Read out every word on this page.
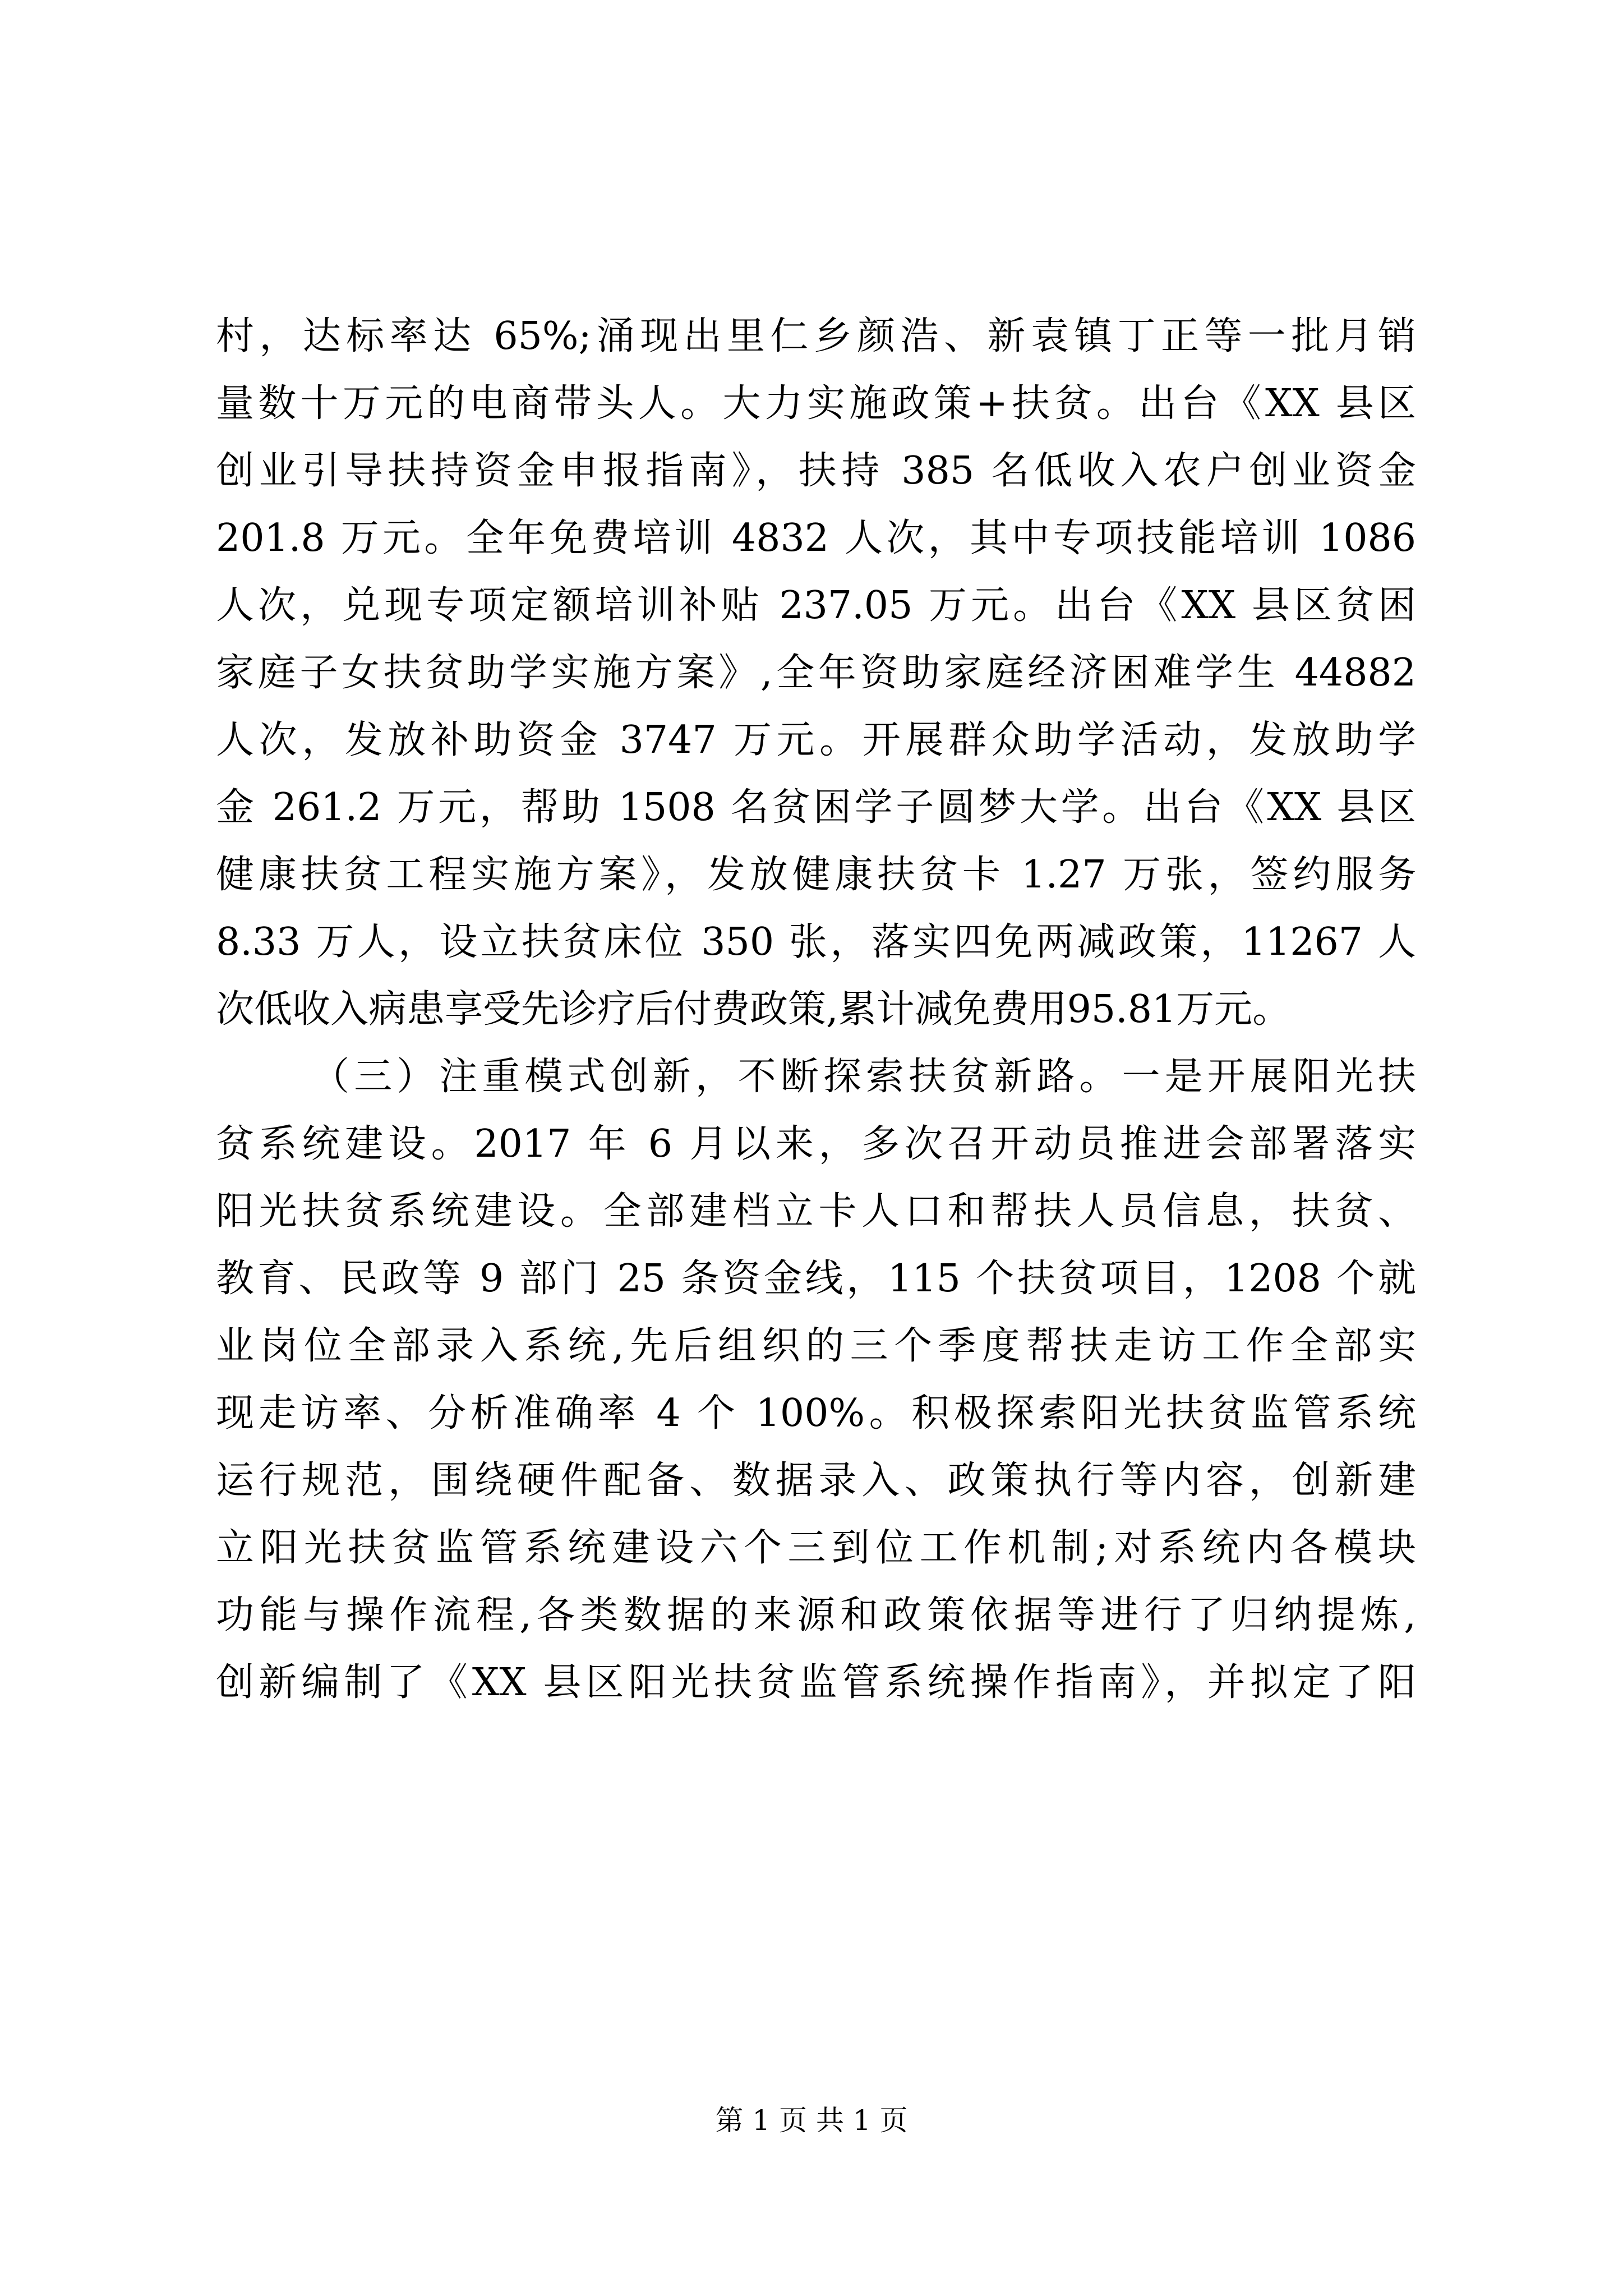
村，达标率达 65%;涌现出里仁乡颜浩、新袁镇丁正等一批月销
量数十万元的电商带头人。大力实施政策+扶贫。出台《XX 县区
创业引导扶持资金申报指南》，扶持 385 名低收入农户创业资金
201.8 万元。全年免费培训 4832 人次，其中专项技能培训 1086
人次，兑现专项定额培训补贴 237.05 万元。出台《XX 县区贫困
家庭子女扶贫助学实施方案》,全年资助家庭经济困难学生 44882
人次，发放补助资金 3747 万元。开展群众助学活动，发放助学
金 261.2 万元，帮助 1508 名贫困学子圆梦大学。出台《XX 县区
健康扶贫工程实施方案》，发放健康扶贫卡 1.27 万张，签约服务
8.33 万人，设立扶贫床位 350 张，落实四免两减政策，11267 人
次低收入病患享受先诊疗后付费政策,累计减免费用95.81万元。
（三）注重模式创新，不断探索扶贫新路。一是开展阳光扶
贫系统建设。2017 年 6 月以来，多次召开动员推进会部署落实
阳光扶贫系统建设。全部建档立卡人口和帮扶人员信息，扶贫、
教育、民政等 9 部门 25 条资金线，115 个扶贫项目，1208 个就
业岗位全部录入系统,先后组织的三个季度帮扶走访工作全部实
现走访率、分析准确率 4 个 100%。积极探索阳光扶贫监管系统
运行规范，围绕硬件配备、数据录入、政策执行等内容，创新建
立阳光扶贫监管系统建设六个三到位工作机制;对系统内各模块
功能与操作流程,各类数据的来源和政策依据等进行了归纳提炼,
创新编制了《XX 县区阳光扶贫监管系统操作指南》，并拟定了阳
第 1 页 共 1 页
